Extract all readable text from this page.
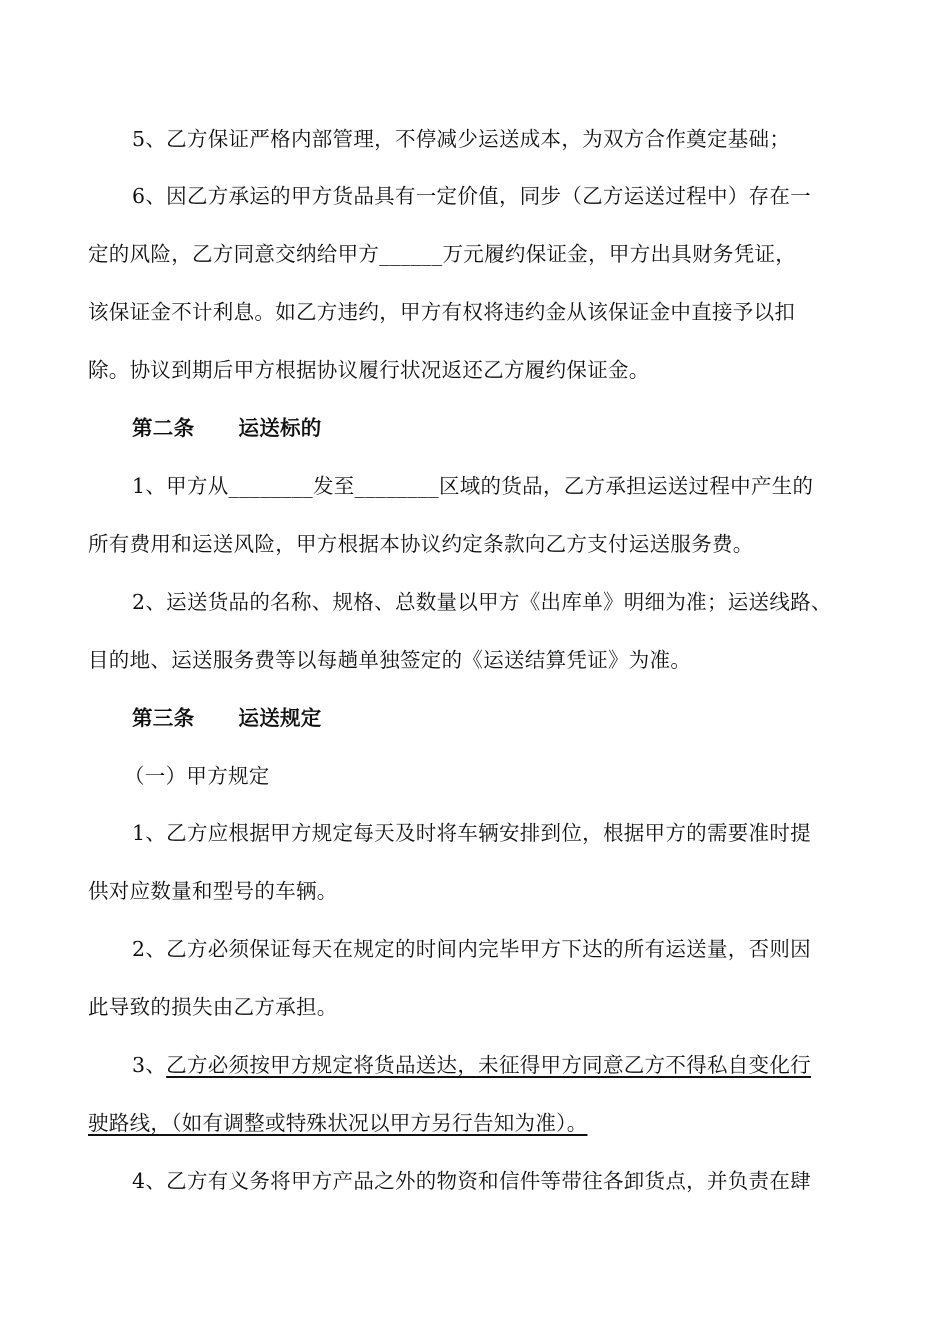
5、乙方保证严格内部管理，不停减少运送成本，为双方合作奠定基础；
6、因乙方承运的甲方货品具有一定价值，同步（乙方运送过程中）存在一
定的风险，乙方同意交纳给甲方______万元履约保证金，甲方出具财务凭证，
该保证金不计利息。如乙方违约，甲方有权将违约金从该保证金中直接予以扣
除。协议到期后甲方根据协议履行状况返还乙方履约保证金。
第二条 运送标的
1、甲方从________发至________区域的货品，乙方承担运送过程中产生的
所有费用和运送风险，甲方根据本协议约定条款向乙方支付运送服务费。
2、运送货品的名称、规格、总数量以甲方《出库单》明细为准；运送线路、
目的地、运送服务费等以每趟单独签定的《运送结算凭证》为准。
第三条 运送规定
（一）甲方规定
1、乙方应根据甲方规定每天及时将车辆安排到位，根据甲方的需要准时提
供对应数量和型号的车辆。
2、乙方必须保证每天在规定的时间内完毕甲方下达的所有运送量，否则因
此导致的损失由乙方承担。
3、乙方必须按甲方规定将货品送达，未征得甲方同意乙方不得私自变化行
驶路线，（如有调整或特殊状况以甲方另行告知为准）。
4、乙方有义务将甲方产品之外的物资和信件等带往各卸货点，并负责在肆
